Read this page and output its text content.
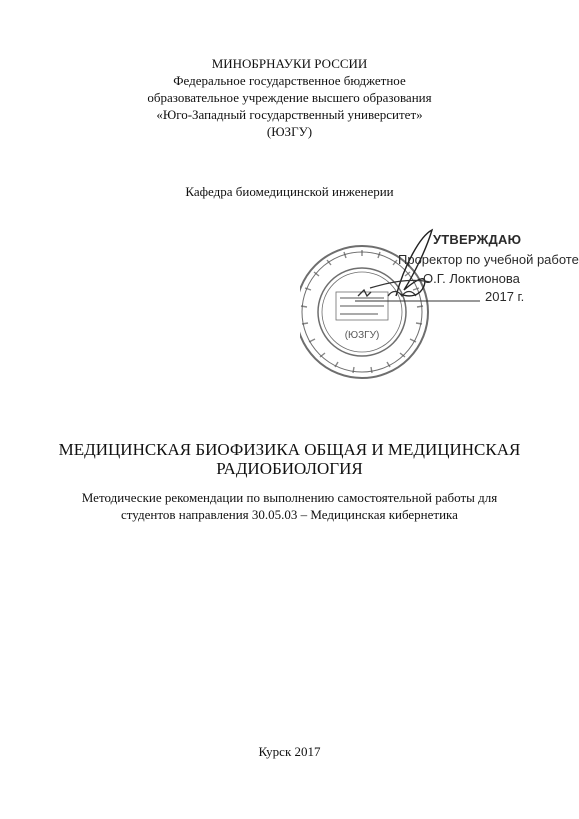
МИНОБРНАУКИ РОССИИ
Федеральное государственное бюджетное
образовательное учреждение высшего образования
«Юго-Западный государственный университет»
(ЮЗГУ)
Кафедра биомедицинской инженерии
(ЮЗГУ)
УТВЕРЖДАЮ
Проректор по учебной работе
О.Г. Локтионова
2017 г.
МЕДИЦИНСКАЯ БИОФИЗИКА ОБЩАЯ И МЕДИЦИНСКАЯ
РАДИОБИОЛОГИЯ
Методические рекомендации по выполнению самостоятельной работы для
студентов направления 30.05.03 – Медицинская кибернетика
Курск 2017
